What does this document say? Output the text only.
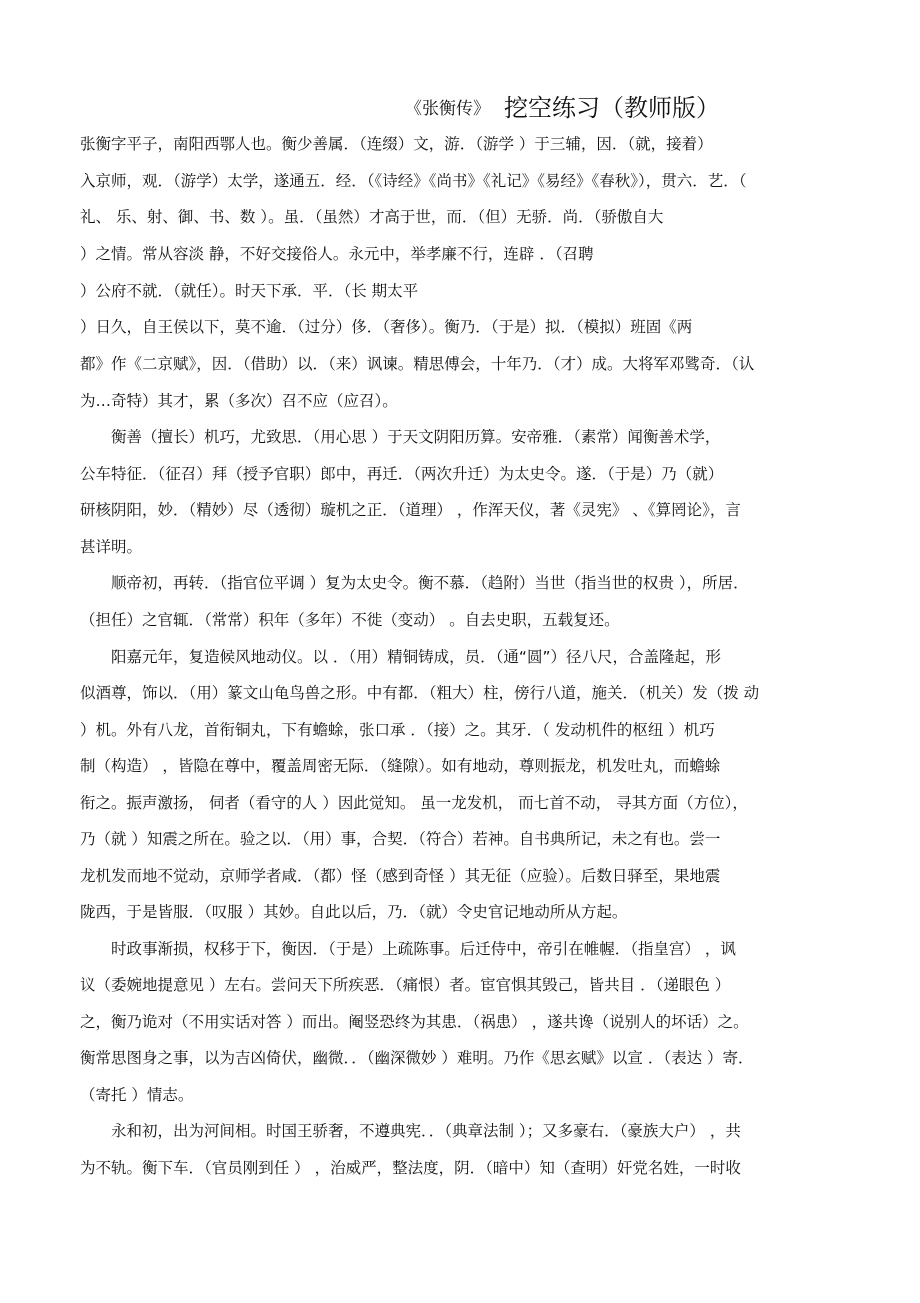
《张衡传》 挖空练习（教师版）
张衡字平子，南阳西鄂人也。衡少善属．（连缀）文，游．（游学 ）于三辅，因．（就，接着）
入京师，观．（游学）太学，遂通五．经．（《诗经》《尚书》《礼记》《易经》《春秋》），贯六．艺．（
礼、 乐、射、御、书、数 ）。虽．（虽然）才高于世，而．（但）无骄．尚．（骄傲自大
）之情。常从容淡 静，不好交接俗人。永元中，举孝廉不行，连辟 ．（召聘
）公府不就．（就任）。时天下承．平．（长 期太平
）日久，自王侯以下，莫不逾．（过分）侈．（奢侈）。衡乃．（于是）拟．（模拟）班固《两
都》作《二京赋》，因．（借助）以．（来）讽谏。精思傅会，十年乃．（才）成。大将军邓骘奇．（认
为…奇特）其才，累（多次）召不应（应召）。
　　衡善（擅长）机巧，尤致思．（用心思 ）于天文阴阳历算。安帝雅．（素常）闻衡善术学，
公车特征．（征召）拜（授予官职）郎中，再迁．（两次升迁）为太史令。遂．（于是）乃（就）
研核阴阳，妙．（精妙）尽（透彻）璇机之正．（道理） ，作浑天仪，著《灵宪》 、《算罔论》，言
甚详明。
　　顺帝初，再转．（指官位平调 ）复为太史令。衡不慕．（趋附）当世（指当世的权贵 ），所居．
（担任）之官辄．（常常）积年（多年）不徙（变动） 。自去史职，五载复还。
　　阳嘉元年，复造候风地动仪。以 ．（用）精铜铸成，员．（通“圆”）径八尺，合盖隆起，形
似酒尊，饰以．（用）篆文山龟鸟兽之形。中有都．（粗大）柱，傍行八道，施关．（机关）发（拨 动
）机。外有八龙，首衔铜丸，下有蟾蜍，张口承 ．（接）之。其牙．（ 发动机件的枢纽 ）机巧
制（构造） ，皆隐在尊中，覆盖周密无际．（缝隙）。如有地动，尊则振龙，机发吐丸，而蟾蜍
衔之。振声激扬， 伺者（看守的人 ）因此觉知。 虽一龙发机， 而七首不动， 寻其方面（方位），
乃（就 ）知震之所在。验之以．（用）事，合契．（符合）若神。自书典所记，未之有也。尝一
龙机发而地不觉动，京师学者咸．（都）怪（感到奇怪 ）其无征（应验）。后数日驿至，果地震
陇西，于是皆服．（叹服 ）其妙。自此以后，乃．（就）令史官记地动所从方起。
　　时政事渐损，权移于下，衡因．（于是）上疏陈事。后迁侍中，帝引在帷幄．（指皇宫） ，讽
议（委婉地提意见 ）左右。尝问天下所疾恶．（痛恨）者。宦官惧其毁己，皆共目 ．（递眼色 ）
之，衡乃诡对（不用实话对答 ）而出。阉竖恐终为其患．（祸患） ，遂共谗（说别人的坏话）之。
衡常思图身之事，以为吉凶倚伏，幽微．．（幽深微妙 ）难明。乃作《思玄赋》以宣 ．（表达 ）寄．
（寄托 ）情志。
　　永和初，出为河间相。时国王骄奢，不遵典宪．．（典章法制 ）；又多豪右．（豪族大户） ，共
为不轨。衡下车．（官员刚到任 ） ，治威严，整法度，阴．（暗中）知（查明）奸党名姓，一时收
